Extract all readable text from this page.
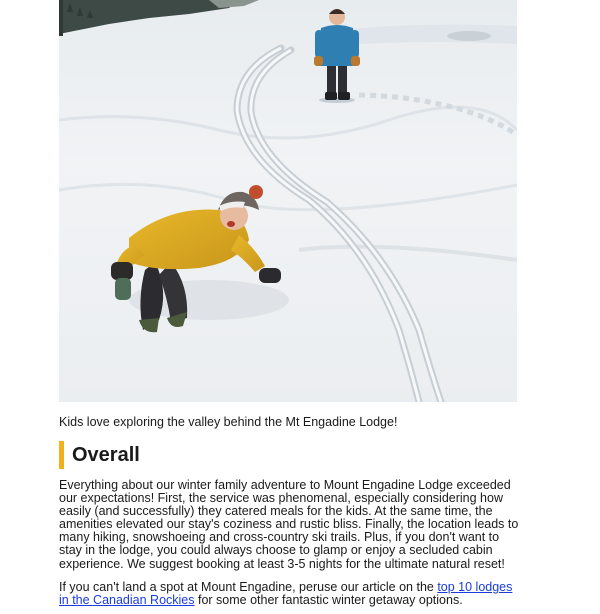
Kids love exploring the valley behind the Mt Engadine Lodge!

Overall

Everything about our winter family adventure to Mount Engadine Lodge exceeded our expectations! First, the service was phenomenal, especially considering how easily (and successfully) they catered meals for the kids. At the same time, the amenities elevated our stay's coziness and rustic bliss. Finally, the location leads to many hiking, snowshoeing and cross-country ski trails. Plus, if you don't want to stay in the lodge, you could always choose to glamp or enjoy a secluded cabin experience. We suggest booking at least 3-5 nights for the ultimate natural reset!

If you can't land a spot at Mount Engadine, peruse our article on the top 10 lodges in the Canadian Rockies for some other fantastic winter getaway options.
